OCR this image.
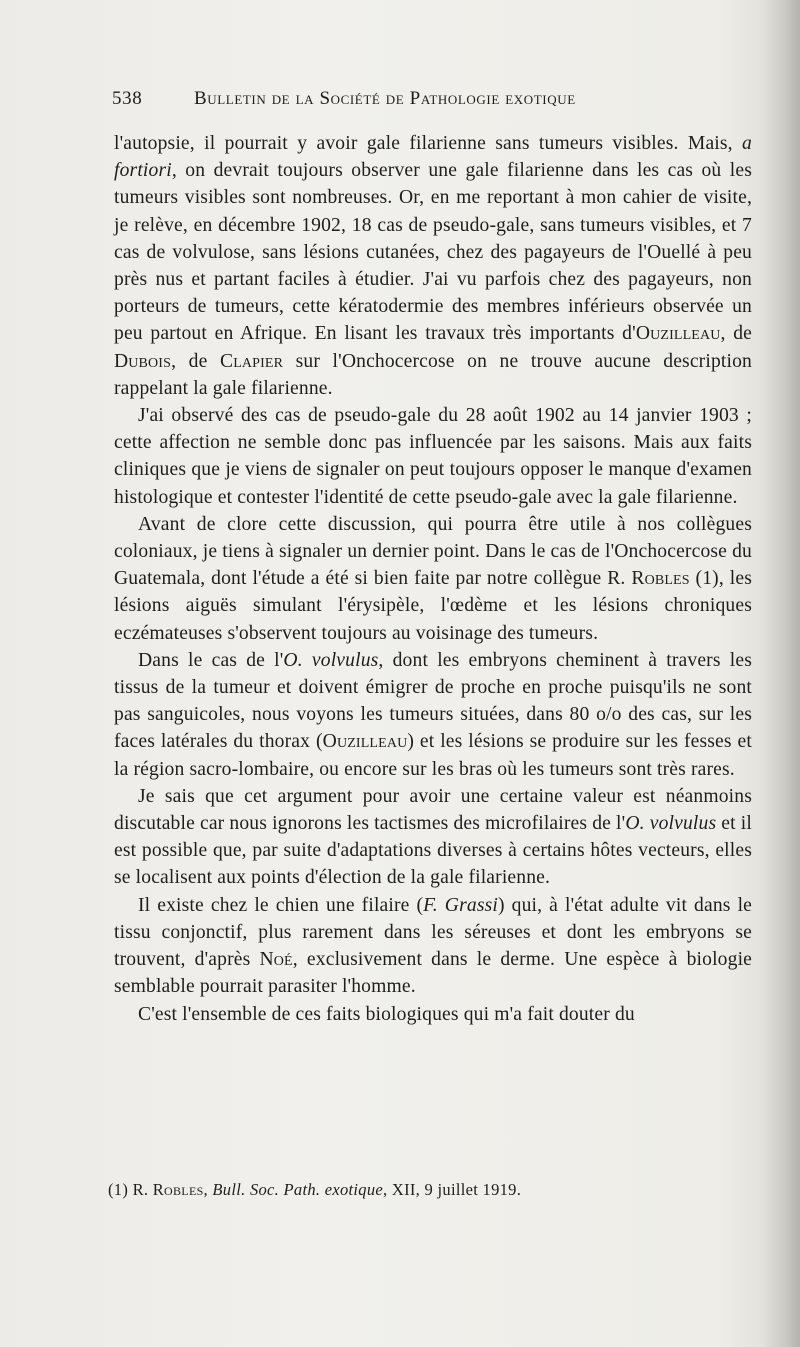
538	Bulletin de la Société de Pathologie exotique

l'autopsie, il pourrait y avoir gale filarienne sans tumeurs visibles. Mais, a fortiori, on devrait toujours observer une gale filarienne dans les cas où les tumeurs visibles sont nombreuses. Or, en me reportant à mon cahier de visite, je relève, en décembre 1902, 18 cas de pseudo-gale, sans tumeurs visibles, et 7 cas de volvulose, sans lésions cutanées, chez des pagayeurs de l'Ouellé à peu près nus et partant faciles à étudier. J'ai vu parfois chez des pagayeurs, non porteurs de tumeurs, cette kératodermie des membres inférieurs observée un peu partout en Afrique. En lisant les travaux très importants d'Ouzilleau, de Dubois, de Clapier sur l'Onchocercose on ne trouve aucune description rappelant la gale filarienne.

J'ai observé des cas de pseudo-gale du 28 août 1902 au 14 janvier 1903 ; cette affection ne semble donc pas influencée par les saisons. Mais aux faits cliniques que je viens de signaler on peut toujours opposer le manque d'examen histologique et contester l'identité de cette pseudo-gale avec la gale filarienne.

Avant de clore cette discussion, qui pourra être utile à nos collègues coloniaux, je tiens à signaler un dernier point. Dans le cas de l'Onchocercose du Guatemala, dont l'étude a été si bien faite par notre collègue R. Robles (1), les lésions aiguës simulant l'érysipèle, l'œdème et les lésions chroniques eczémateuses s'observent toujours au voisinage des tumeurs.

Dans le cas de l'O. volvulus, dont les embryons cheminent à travers les tissus de la tumeur et doivent émigrer de proche en proche puisqu'ils ne sont pas sanguicoles, nous voyons les tumeurs situées, dans 80 o/o des cas, sur les faces latérales du thorax (Ouzilleau) et les lésions se produire sur les fesses et la région sacro-lombaire, ou encore sur les bras où les tumeurs sont très rares.

Je sais que cet argument pour avoir une certaine valeur est néanmoins discutable car nous ignorons les tactismes des microfilaires de l'O. volvulus et il est possible que, par suite d'adaptations diverses à certains hôtes vecteurs, elles se localisent aux points d'élection de la gale filarienne.

Il existe chez le chien une filaire (F. Grassi) qui, à l'état adulte vit dans le tissu conjonctif, plus rarement dans les séreuses et dont les embryons se trouvent, d'après Noé, exclusivement dans le derme. Une espèce à biologie semblable pourrait parasiter l'homme.

C'est l'ensemble de ces faits biologiques qui m'a fait douter du

(1) R. Robles, Bull. Soc. Path. exotique, XII, 9 juillet 1919.
